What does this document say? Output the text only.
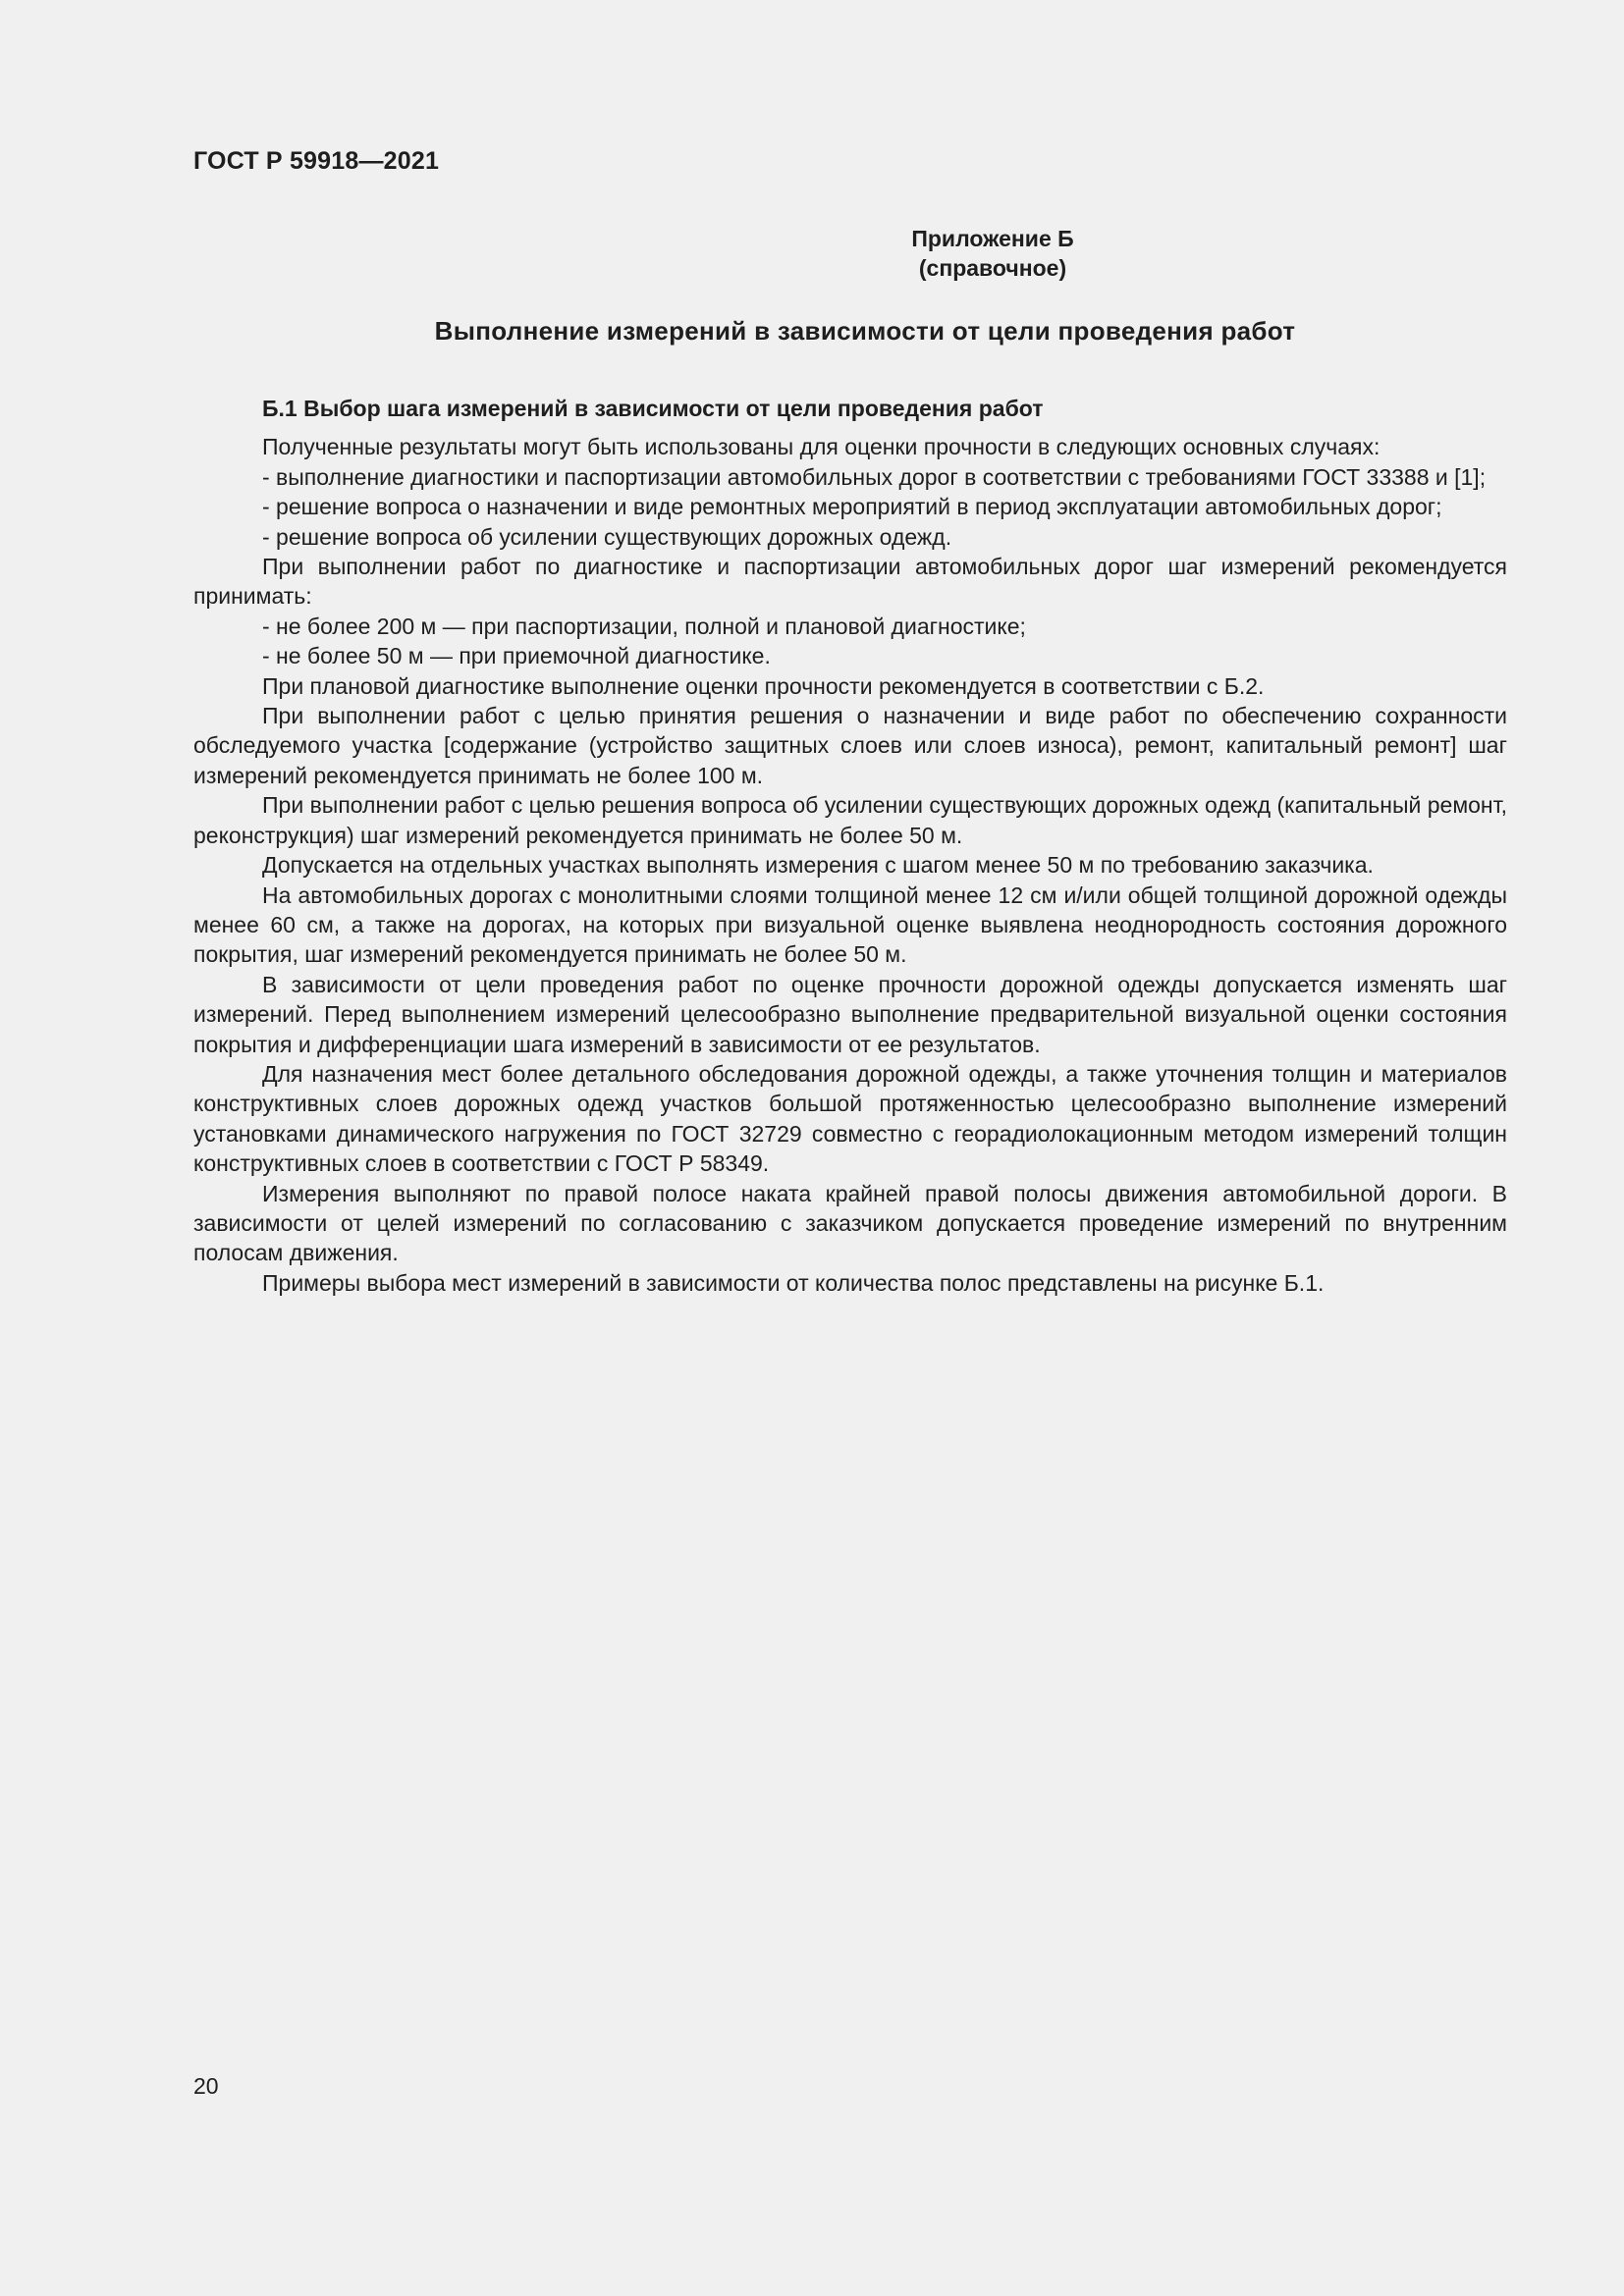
ГОСТ Р 59918—2021

Приложение Б
(справочное)

Выполнение измерений в зависимости от цели проведения работ

Б.1 Выбор шага измерений в зависимости от цели проведения работ

Полученные результаты могут быть использованы для оценки прочности в следующих основных случаях:

- выполнение диагностики и паспортизации автомобильных дорог в соответствии с требованиями ГОСТ 33388 и [1];

- решение вопроса о назначении и виде ремонтных мероприятий в период эксплуатации автомобильных дорог;

- решение вопроса об усилении существующих дорожных одежд.

При выполнении работ по диагностике и паспортизации автомобильных дорог шаг измерений рекомендуется принимать:

- не более 200 м — при паспортизации, полной и плановой диагностике;

- не более 50 м — при приемочной диагностике.

При плановой диагностике выполнение оценки прочности рекомендуется в соответствии с Б.2.

При выполнении работ с целью принятия решения о назначении и виде работ по обеспечению сохранности обследуемого участка [содержание (устройство защитных слоев или слоев износа), ремонт, капитальный ремонт] шаг измерений рекомендуется принимать не более 100 м.

При выполнении работ с целью решения вопроса об усилении существующих дорожных одежд (капитальный ремонт, реконструкция) шаг измерений рекомендуется принимать не более 50 м.

Допускается на отдельных участках выполнять измерения с шагом менее 50 м по требованию заказчика.

На автомобильных дорогах с монолитными слоями толщиной менее 12 см и/или общей толщиной дорожной одежды менее 60 см, а также на дорогах, на которых при визуальной оценке выявлена неоднородность состояния дорожного покрытия, шаг измерений рекомендуется принимать не более 50 м.

В зависимости от цели проведения работ по оценке прочности дорожной одежды допускается изменять шаг измерений. Перед выполнением измерений целесообразно выполнение предварительной визуальной оценки состояния покрытия и дифференциации шага измерений в зависимости от ее результатов.

Для назначения мест более детального обследования дорожной одежды, а также уточнения толщин и материалов конструктивных слоев дорожных одежд участков большой протяженностью целесообразно выполнение измерений установками динамического нагружения по ГОСТ 32729 совместно с георадиолокационным методом измерений толщин конструктивных слоев в соответствии с ГОСТ Р 58349.

Измерения выполняют по правой полосе наката крайней правой полосы движения автомобильной дороги. В зависимости от целей измерений по согласованию с заказчиком допускается проведение измерений по внутренним полосам движения.

Примеры выбора мест измерений в зависимости от количества полос представлены на рисунке Б.1.

20
